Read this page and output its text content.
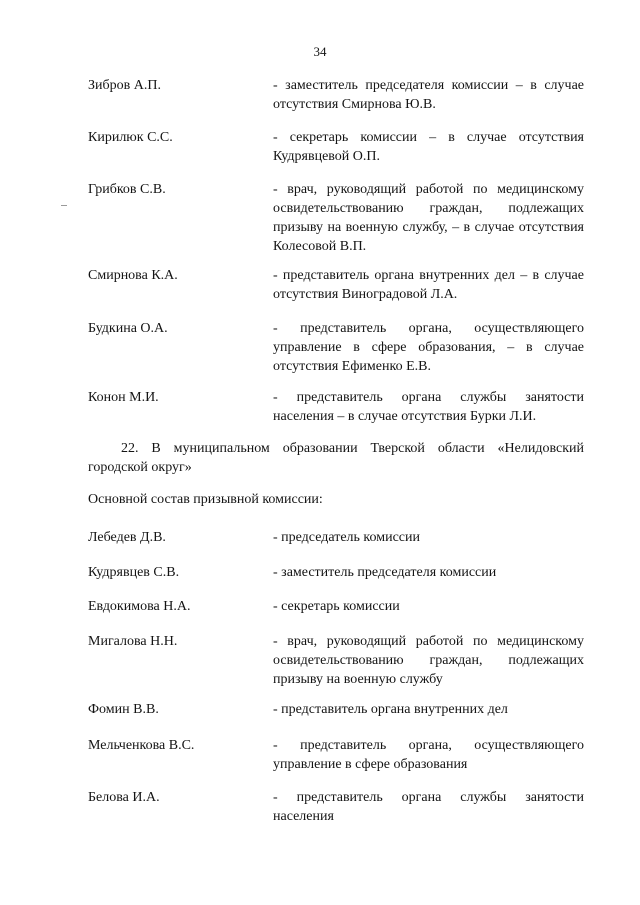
34
Зибров А.П.	- заместитель председателя комиссии – в случае отсутствия Смирнова Ю.В.
Кирилюк С.С.	- секретарь комиссии – в случае отсутствия Кудрявцевой О.П.
Грибков С.В.	- врач, руководящий работой по медицинскому освидетельствованию граждан, подлежащих призыву на военную службу, – в случае отсутствия Колесовой В.П.
Смирнова К.А.	- представитель органа внутренних дел – в случае отсутствия Виноградовой Л.А.
Будкина О.А.	- представитель органа, осуществляющего управление в сфере образования, – в случае отсутствия Ефименко Е.В.
Конон М.И.	- представитель органа службы занятости населения – в случае отсутствия Бурки Л.И.
22. В муниципальном образовании Тверской области «Нелидовский городской округ»
Основной состав призывной комиссии:
Лебедев Д.В.	- председатель комиссии
Кудрявцев С.В.	- заместитель председателя комиссии
Евдокимова Н.А.	- секретарь комиссии
Мигалова Н.Н.	- врач, руководящий работой по медицинскому освидетельствованию граждан, подлежащих призыву на военную службу
Фомин В.В.	- представитель органа внутренних дел
Мельченкова В.С.	- представитель органа, осуществляющего управление в сфере образования
Белова И.А.	- представитель органа службы занятости населения
